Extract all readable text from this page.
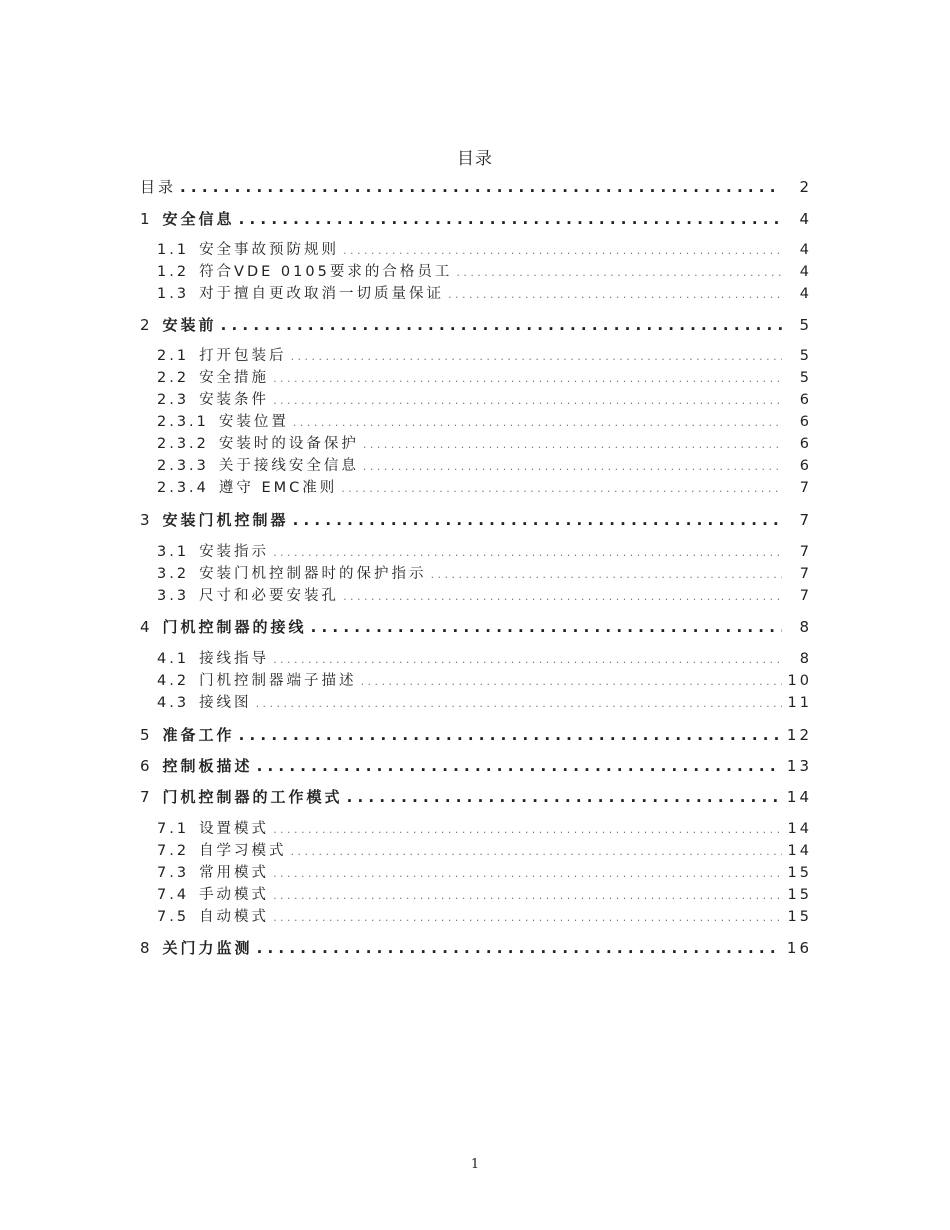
目录
目录 . . .	2
1 安全信息 . . .	4
1.1 安全事故预防规则 . . .	4
1.2 符合VDE 0105要求的合格员工 . . .	4
1.3 对于擅自更改取消一切质量保证 . . .	4
2 安装前 . . .	5
2.1 打开包装后 . . .	5
2.2 安全措施 . . .	5
2.3 安装条件 . . .	6
2.3.1 安装位置 . . .	6
2.3.2 安装时的设备保护 . . .	6
2.3.3 关于接线安全信息 . . .	6
2.3.4 遵守 EMC准则 . . .	7
3 安装门机控制器 . . .	7
3.1 安装指示 . . .	7
3.2 安装门机控制器时的保护指示 . . .	7
3.3 尺寸和必要安装孔 . . .	7
4 门机控制器的接线 . . .	8
4.1 接线指导 . . .	8
4.2 门机控制器端子描述 . . .	10
4.3 接线图 . . .	11
5 准备工作 . . .	12
6 控制板描述 . . .	13
7 门机控制器的工作模式 . . .	14
7.1 设置模式 . . .	14
7.2 自学习模式 . . .	14
7.3 常用模式 . . .	15
7.4 手动模式 . . .	15
7.5 自动模式 . . .	15
8 关门力监测 . . .	16
1
